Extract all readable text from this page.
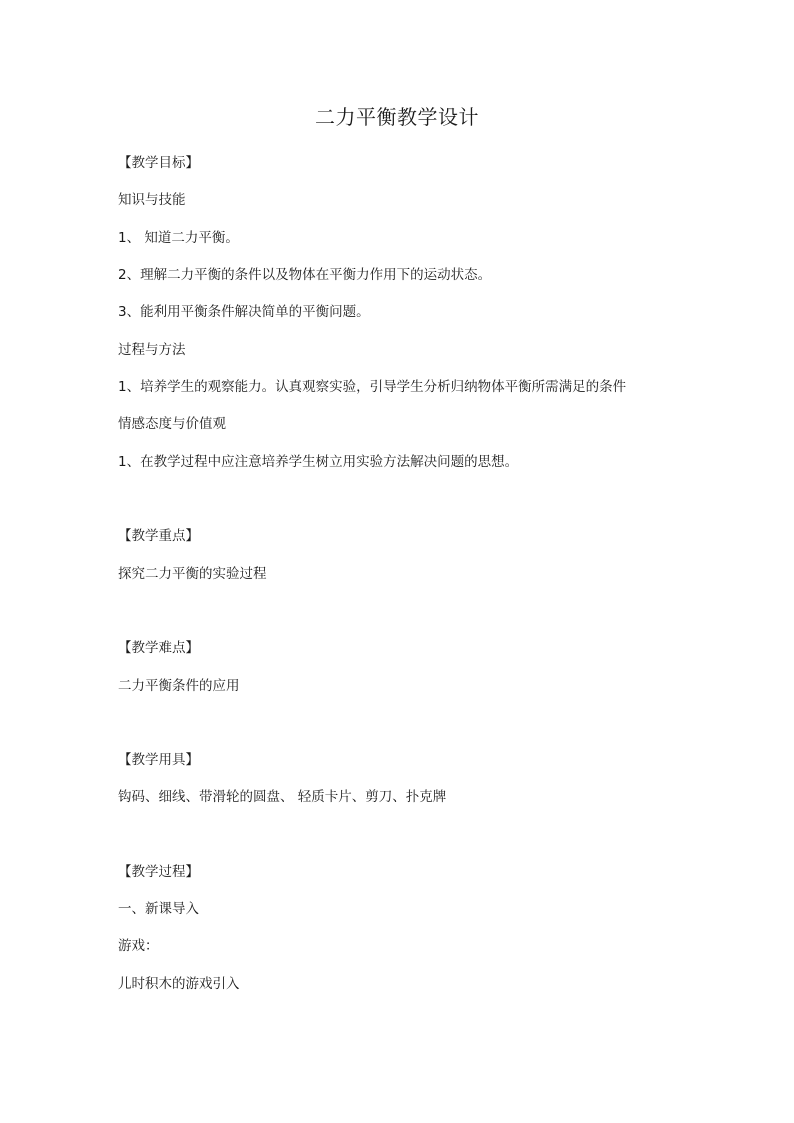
二力平衡教学设计
【教学目标】
知识与技能
1、 知道二力平衡。
2、理解二力平衡的条件以及物体在平衡力作用下的运动状态。
3、能利用平衡条件解决简单的平衡问题。
过程与方法
1、培养学生的观察能力。认真观察实验，引导学生分析归纳物体平衡所需满足的条件
情感态度与价值观
1、在教学过程中应注意培养学生树立用实验方法解决问题的思想。
【教学重点】
探究二力平衡的实验过程
【教学难点】
二力平衡条件的应用
【教学用具】
钩码、细线、带滑轮的圆盘、 轻质卡片、剪刀、扑克牌
【教学过程】
一、新课导入
游戏：
儿时积木的游戏引入
